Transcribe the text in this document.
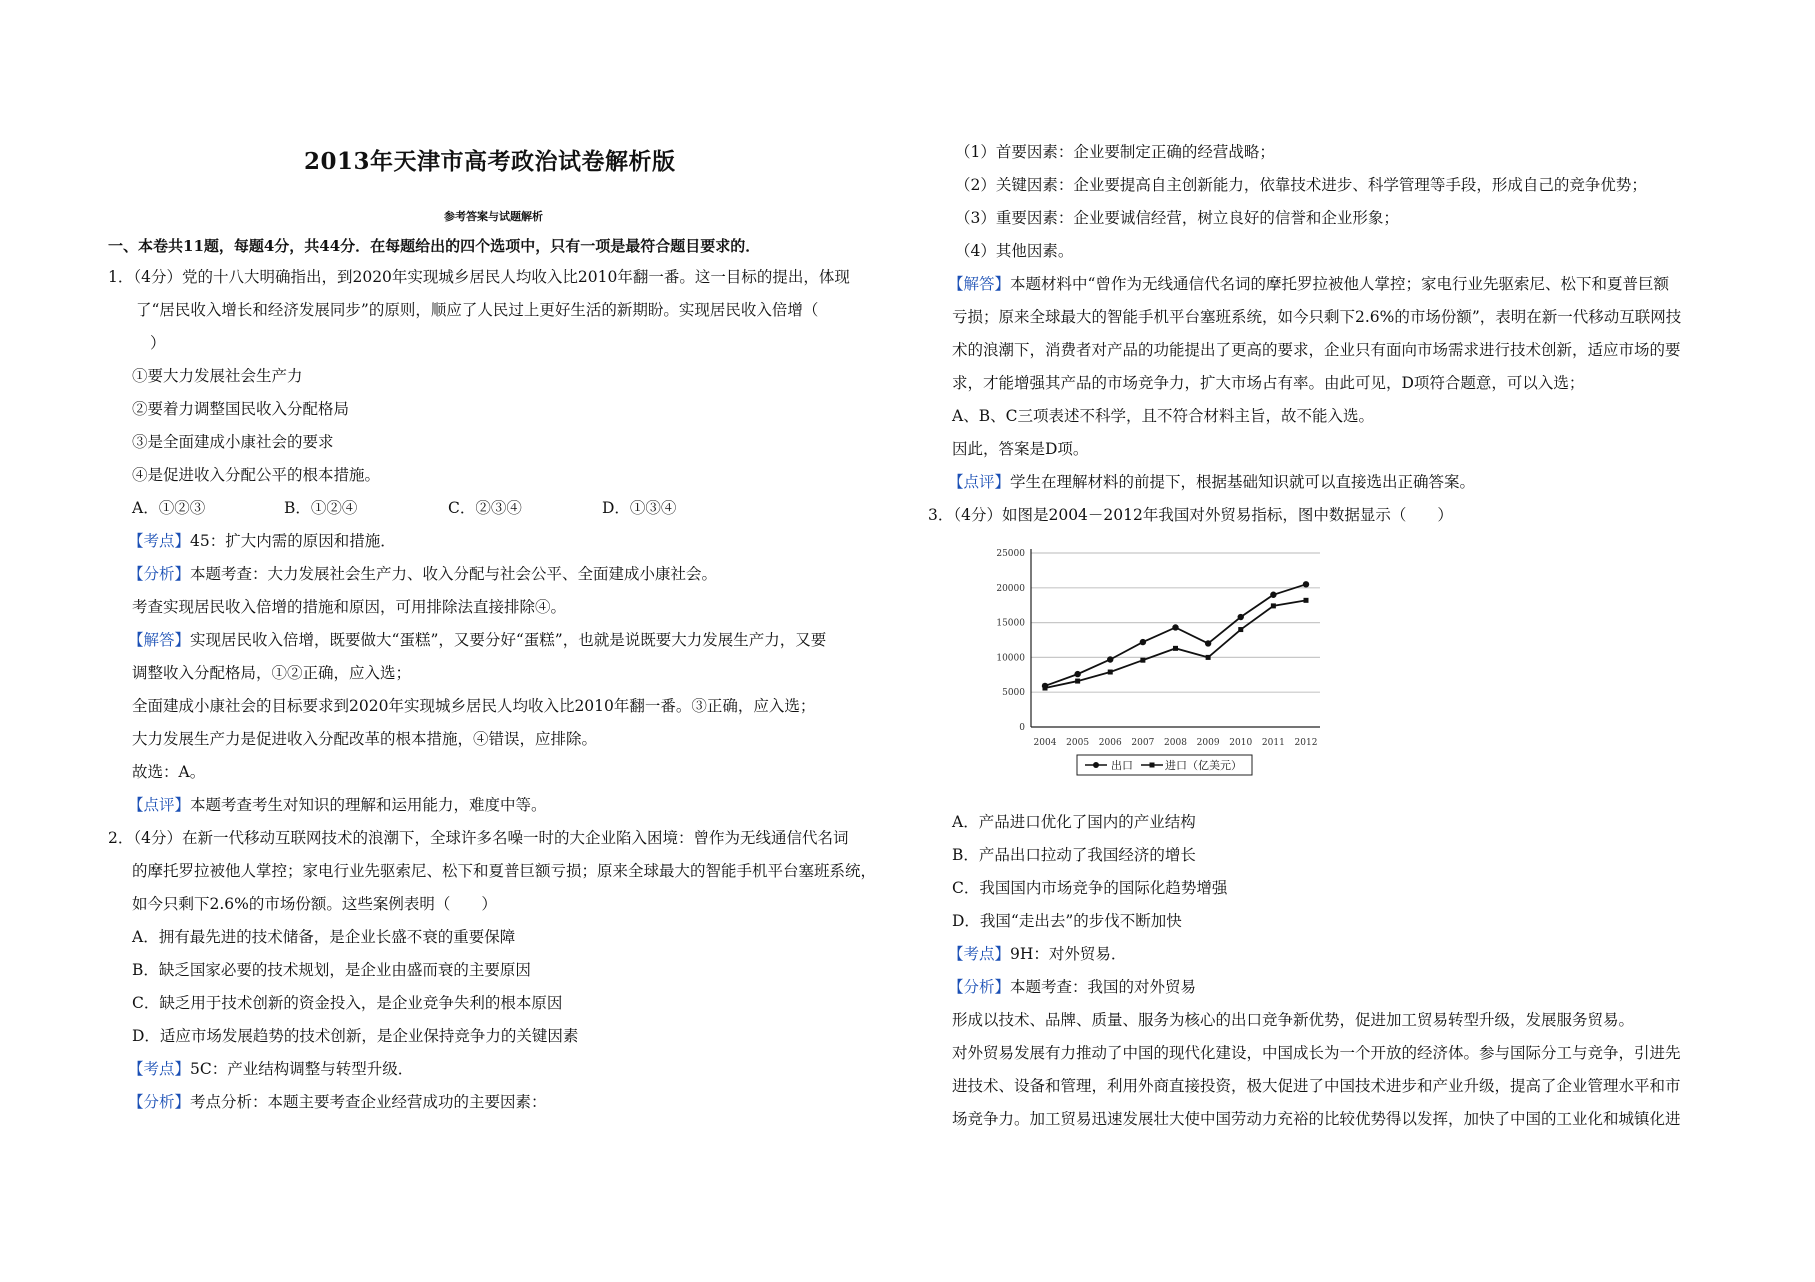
2013年天津市高考政治试卷解析版
参考答案与试题解析
一、本卷共11题，每题4分，共44分．在每题给出的四个选项中，只有一项是最符合题目要求的．
1．（4分）党的十八大明确指出，到2020年实现城乡居民人均收入比2010年翻一番。这一目标的提出，体现
了“居民收入增长和经济发展同步”的原则，顺应了人民过上更好生活的新期盼。实现居民收入倍增（
）
①要大力发展社会生产力
②要着力调整国民收入分配格局
③是全面建成小康社会的要求
④是促进收入分配公平的根本措施。
A．①②③	B．①②④	C．②③④	D．①③④
【考点】45：扩大内需的原因和措施．
【分析】本题考查：大力发展社会生产力、收入分配与社会公平、全面建成小康社会。
考查实现居民收入倍增的措施和原因，可用排除法直接排除④。
【解答】实现居民收入倍增，既要做大“蛋糕”，又要分好“蛋糕”，也就是说既要大力发展生产力，又要
调整收入分配格局，①②正确，应入选；
全面建成小康社会的目标要求到2020年实现城乡居民人均收入比2010年翻一番。③正确，应入选；
大力发展生产力是促进收入分配改革的根本措施，④错误，应排除。
故选：A。
【点评】本题考查考生对知识的理解和运用能力，难度中等。
2．（4分）在新一代移动互联网技术的浪潮下，全球许多名噪一时的大企业陷入困境：曾作为无线通信代名词
的摩托罗拉被他人掌控；家电行业先驱索尼、松下和夏普巨额亏损；原来全球最大的智能手机平台塞班系统，
如今只剩下2.6%的市场份额。这些案例表明（　　）
A．拥有最先进的技术储备，是企业长盛不衰的重要保障
B．缺乏国家必要的技术规划，是企业由盛而衰的主要原因
C．缺乏用于技术创新的资金投入，是企业竞争失利的根本原因
D．适应市场发展趋势的技术创新，是企业保持竞争力的关键因素
【考点】5C：产业结构调整与转型升级．
【分析】考点分析：本题主要考查企业经营成功的主要因素：
（1）首要因素：企业要制定正确的经营战略；
（2）关键因素：企业要提高自主创新能力，依靠技术进步、科学管理等手段，形成自己的竞争优势；
（3）重要因素：企业要诚信经营，树立良好的信誉和企业形象；
（4）其他因素。
【解答】本题材料中“曾作为无线通信代名词的摩托罗拉被他人掌控；家电行业先驱索尼、松下和夏普巨额
亏损；原来全球最大的智能手机平台塞班系统，如今只剩下2.6%的市场份额”，表明在新一代移动互联网技
术的浪潮下，消费者对产品的功能提出了更高的要求，企业只有面向市场需求进行技术创新，适应市场的要
求，才能增强其产品的市场竞争力，扩大市场占有率。由此可见，D项符合题意，可以入选；
A、B、C三项表述不科学，且不符合材料主旨，故不能入选。
因此，答案是D项。
【点评】学生在理解材料的前提下，根据基础知识就可以直接选出正确答案。
3．（4分）如图是2004－2012年我国对外贸易指标，图中数据显示（　　）
A．产品进口优化了国内的产业结构
B．产品出口拉动了我国经济的增长
C．我国国内市场竞争的国际化趋势增强
D．我国“走出去”的步伐不断加快
【考点】9H：对外贸易．
【分析】本题考查：我国的对外贸易
形成以技术、品牌、质量、服务为核心的出口竞争新优势，促进加工贸易转型升级，发展服务贸易。
对外贸易发展有力推动了中国的现代化建设，中国成长为一个开放的经济体。参与国际分工与竞争，引进先
进技术、设备和管理，利用外商直接投资，极大促进了中国技术进步和产业升级，提高了企业管理水平和市
场竞争力。加工贸易迅速发展壮大使中国劳动力充裕的比较优势得以发挥，加快了中国的工业化和城镇化进
25000
20000
15000
10000
5000
0
2004 2005 2006 2007 2008 2009 2010 2011 2012
出口	进口（亿美元）
